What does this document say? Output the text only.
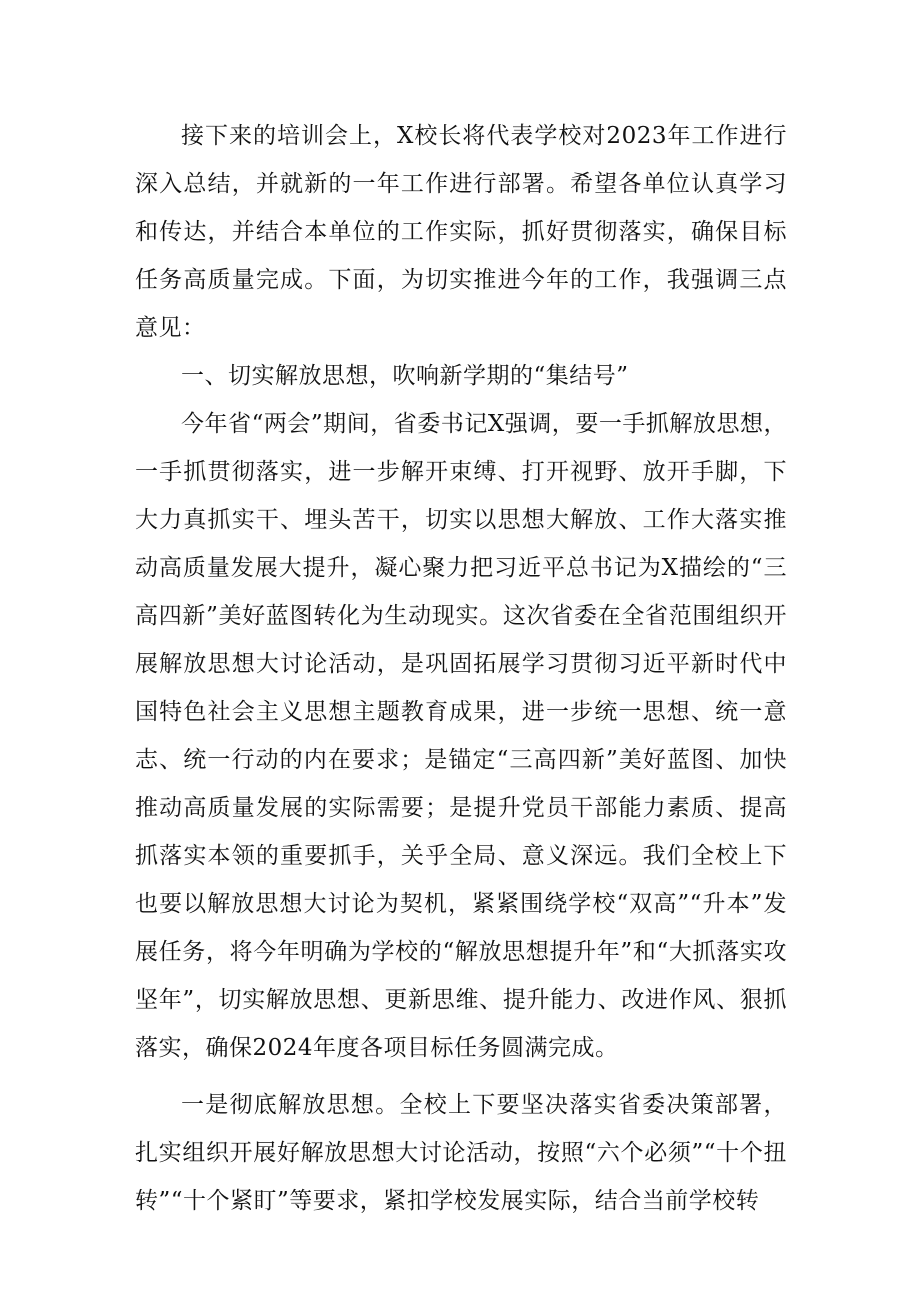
接下来的培训会上，X校长将代表学校对2023年工作进行深入总结，并就新的一年工作进行部署。希望各单位认真学习和传达，并结合本单位的工作实际，抓好贯彻落实，确保目标任务高质量完成。下面，为切实推进今年的工作，我强调三点意见：

一、切实解放思想，吹响新学期的“集结号”

今年省“两会”期间，省委书记X强调，要一手抓解放思想，一手抓贯彻落实，进一步解开束缚、打开视野、放开手脚，下大力真抓实干、埋头苦干，切实以思想大解放、工作大落实推动高质量发展大提升，凝心聚力把习近平总书记为X描绘的“三高四新”美好蓝图转化为生动现实。这次省委在全省范围组织开展解放思想大讨论活动，是巩固拓展学习贯彻习近平新时代中国特色社会主义思想主题教育成果，进一步统一思想、统一意志、统一行动的内在要求；是锚定“三高四新”美好蓝图、加快推动高质量发展的实际需要；是提升党员干部能力素质、提高抓落实本领的重要抓手，关乎全局、意义深远。我们全校上下也要以解放思想大讨论为契机，紧紧围绕学校“双高”“升本”发展任务，将今年明确为学校的“解放思想提升年”和“大抓落实攻坚年”，切实解放思想、更新思维、提升能力、改进作风、狠抓落实，确保2024年度各项目标任务圆满完成。

一是彻底解放思想。全校上下要坚决落实省委决策部署，扎实组织开展好解放思想大讨论活动，按照“六个必须”“十个扭转”“十个紧盯”等要求，紧扣学校发展实际，结合当前学校转
